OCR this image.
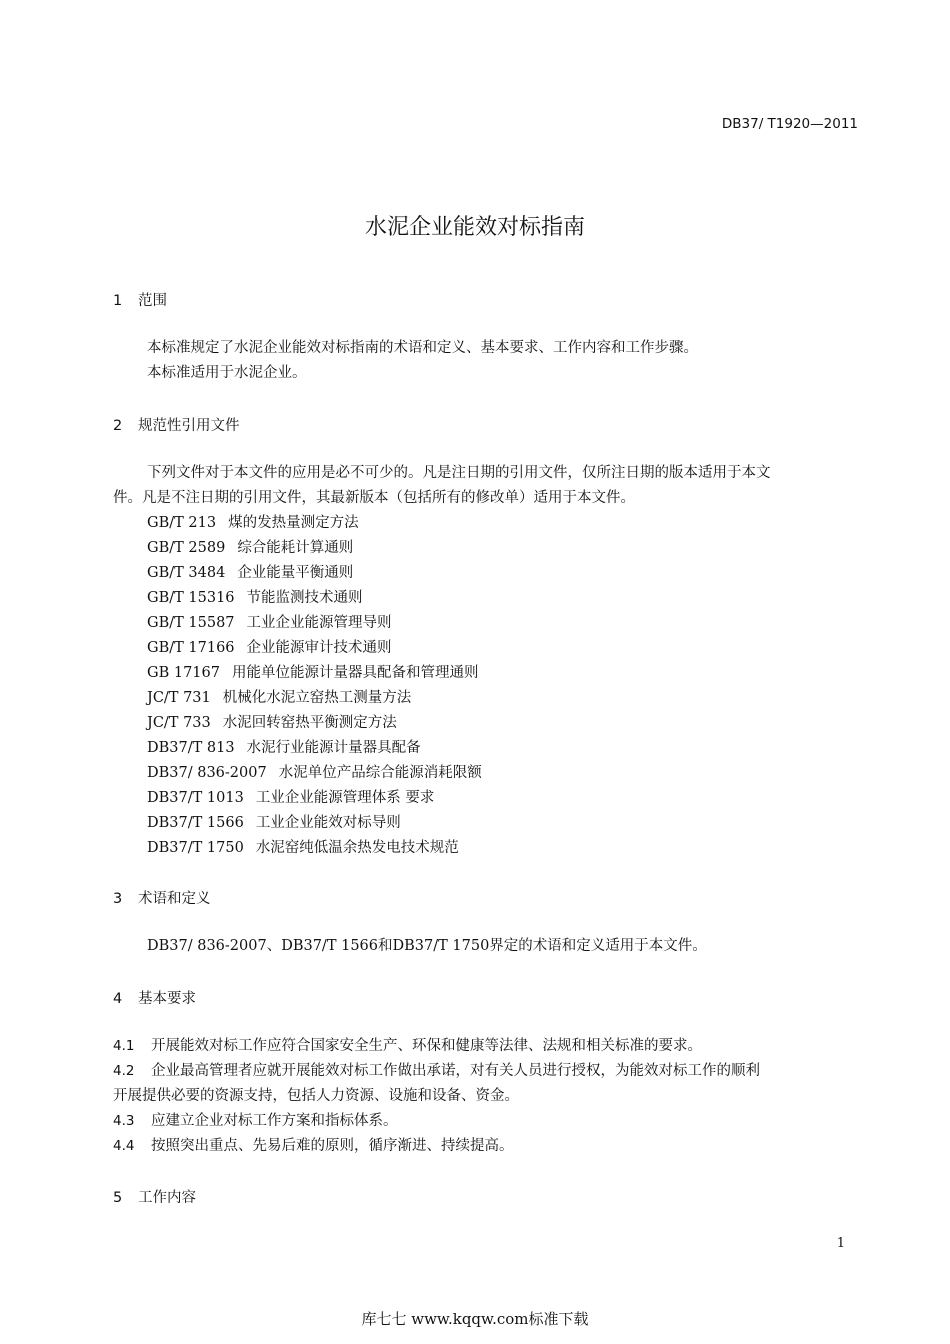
DB37/ T1920—2011
水泥企业能效对标指南
1 范围
本标准规定了水泥企业能效对标指南的术语和定义、基本要求、工作内容和工作步骤。
本标准适用于水泥企业。
2 规范性引用文件
下列文件对于本文件的应用是必不可少的。凡是注日期的引用文件，仅所注日期的版本适用于本文
件。凡是不注日期的引用文件，其最新版本（包括所有的修改单）适用于本文件。
GB/T 213 煤的发热量测定方法
GB/T 2589 综合能耗计算通则
GB/T 3484 企业能量平衡通则
GB/T 15316 节能监测技术通则
GB/T 15587 工业企业能源管理导则
GB/T 17166 企业能源审计技术通则
GB 17167 用能单位能源计量器具配备和管理通则
JC/T 731 机械化水泥立窑热工测量方法
JC/T 733 水泥回转窑热平衡测定方法
DB37/T 813 水泥行业能源计量器具配备
DB37/ 836-2007 水泥单位产品综合能源消耗限额
DB37/T 1013 工业企业能源管理体系 要求
DB37/T 1566 工业企业能效对标导则
DB37/T 1750 水泥窑纯低温余热发电技术规范
3 术语和定义
DB37/ 836-2007、DB37/T 1566和DB37/T 1750界定的术语和定义适用于本文件。
4 基本要求
4.1 开展能效对标工作应符合国家安全生产、环保和健康等法律、法规和相关标准的要求。
4.2 企业最高管理者应就开展能效对标工作做出承诺，对有关人员进行授权，为能效对标工作的顺利
开展提供必要的资源支持，包括人力资源、设施和设备、资金。
4.3 应建立企业对标工作方案和指标体系。
4.4 按照突出重点、先易后难的原则，循序渐进、持续提高。
5 工作内容
1
库七七 www.kqqw.com标准下载
